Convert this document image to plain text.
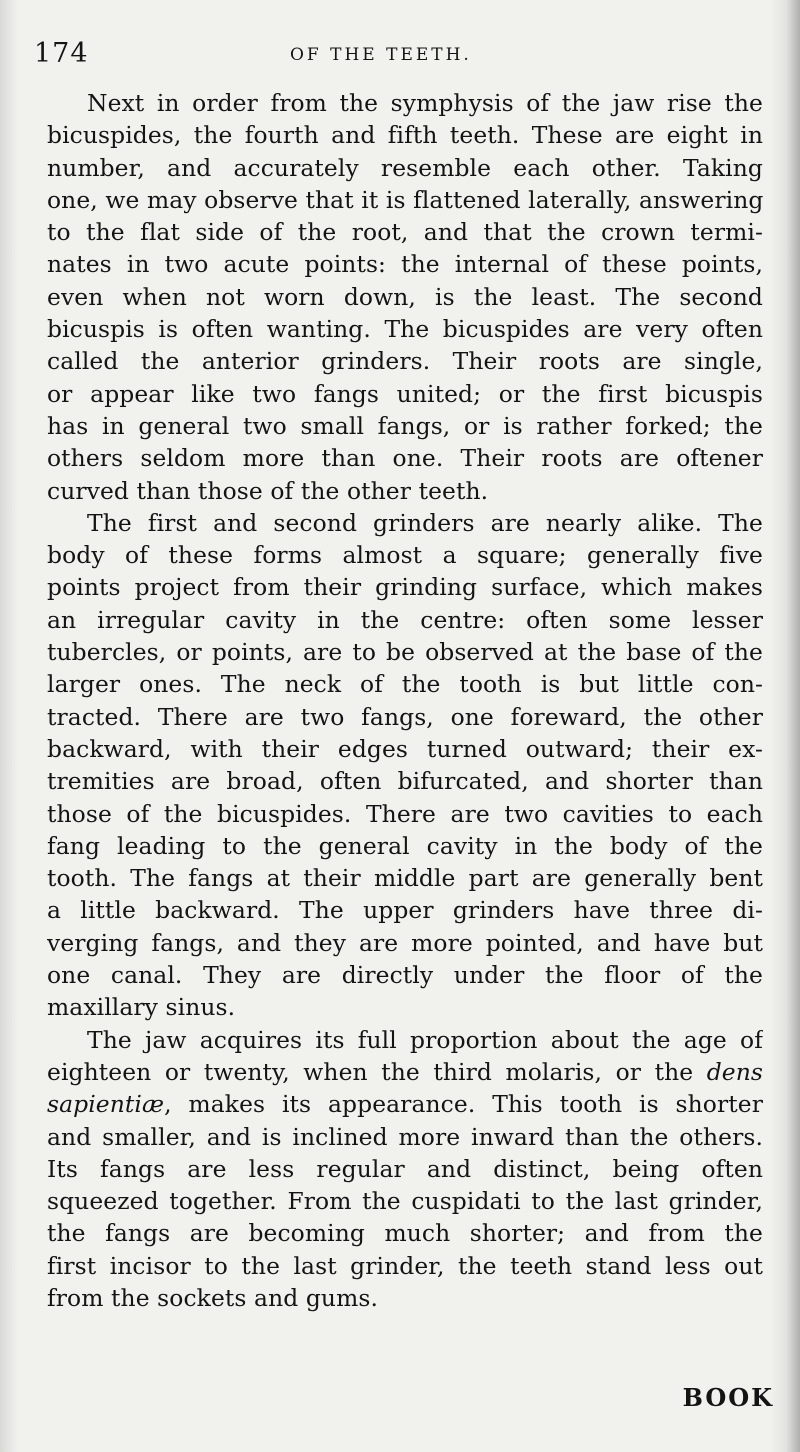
174	OF THE TEETH.
Next in order from the symphysis of the jaw rise the
bicuspides, the fourth and fifth teeth. These are eight in
number, and accurately resemble each other. Taking
one, we may observe that it is flattened laterally, answering
to the flat side of the root, and that the crown termi-
nates in two acute points: the internal of these points,
even when not worn down, is the least. The second
bicuspis is often wanting. The bicuspides are very often
called the anterior grinders. Their roots are single,
or appear like two fangs united; or the first bicuspis
has in general two small fangs, or is rather forked; the
others seldom more than one. Their roots are oftener
curved than those of the other teeth.
The first and second grinders are nearly alike. The
body of these forms almost a square; generally five
points project from their grinding surface, which makes
an irregular cavity in the centre: often some lesser
tubercles, or points, are to be observed at the base of the
larger ones. The neck of the tooth is but little con-
tracted. There are two fangs, one foreward, the other
backward, with their edges turned outward; their ex-
tremities are broad, often bifurcated, and shorter than
those of the bicuspides. There are two cavities to each
fang leading to the general cavity in the body of the
tooth. The fangs at their middle part are generally bent
a little backward. The upper grinders have three di-
verging fangs, and they are more pointed, and have but
one canal. They are directly under the floor of the
maxillary sinus.
The jaw acquires its full proportion about the age of
eighteen or twenty, when the third molaris, or the dens
sapientiæ, makes its appearance. This tooth is shorter
and smaller, and is inclined more inward than the others.
Its fangs are less regular and distinct, being often
squeezed together. From the cuspidati to the last grinder,
the fangs are becoming much shorter; and from the
first incisor to the last grinder, the teeth stand less out
from the sockets and gums.
BOOK
